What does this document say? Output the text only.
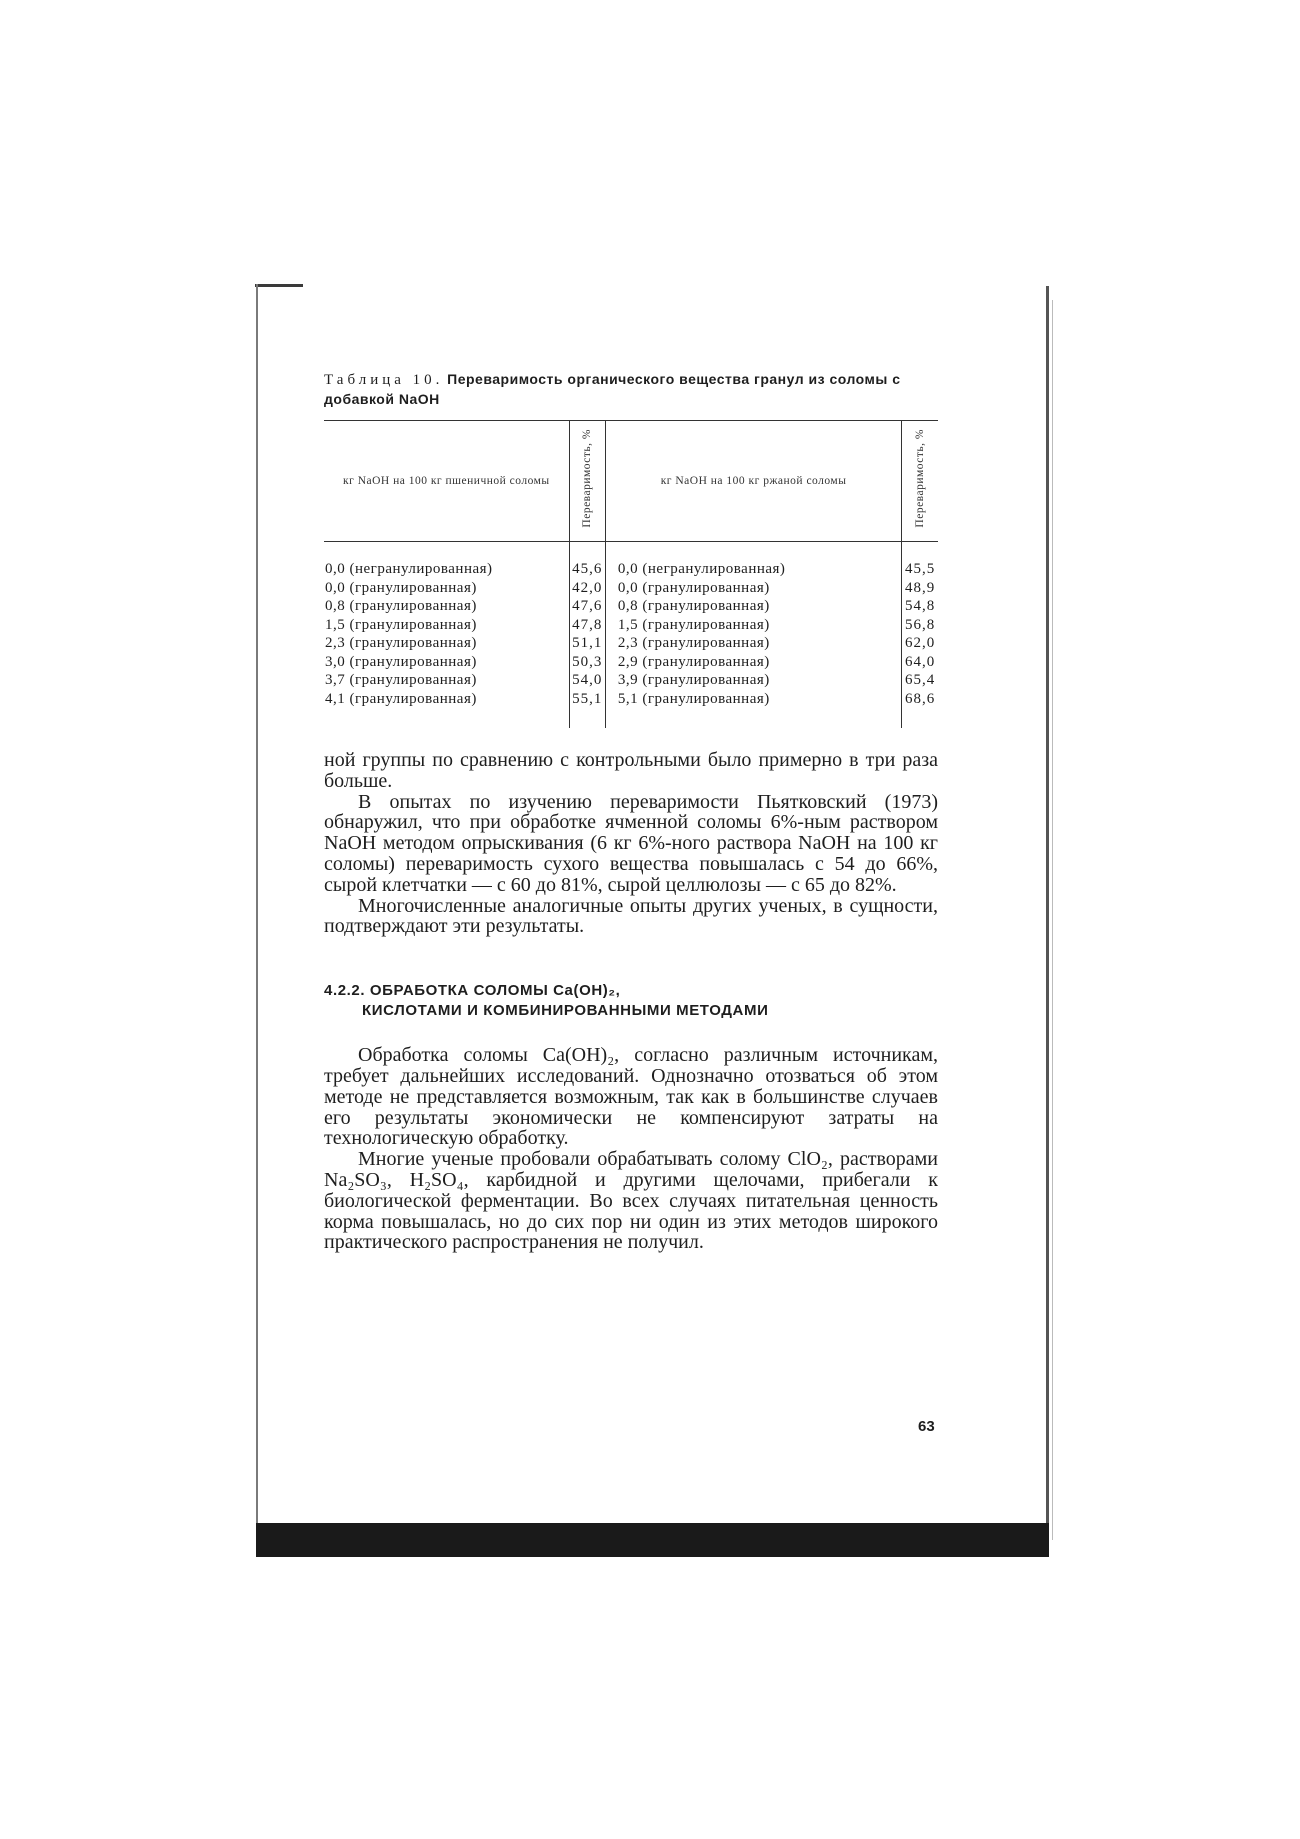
Таблица 10. Переваримость органического вещества гранул из соломы с добавкой NaOH
кг NaOH на 100 кг пшеничной соломы	Переваримость, %	кг NaOH на 100 кг ржаной соломы	Переваримость, %
0,0 (негранулированная)	45,6	0,0 (негранулированная)	45,5
0,0 (гранулированная)	42,0	0,0 (гранулированная)	48,9
0,8 (гранулированная)	47,6	0,8 (гранулированная)	54,8
1,5 (гранулированная)	47,8	1,5 (гранулированная)	56,8
2,3 (гранулированная)	51,1	2,3 (гранулированная)	62,0
3,0 (гранулированная)	50,3	2,9 (гранулированная)	64,0
3,7 (гранулированная)	54,0	3,9 (гранулированная)	65,4
4,1 (гранулированная)	55,1	5,1 (гранулированная)	68,6

ной группы по сравнению с контрольными было примерно в три раза больше.

В опытах по изучению переваримости Пьятковский (1973) обнаружил, что при обработке ячменной соломы 6%-ным раствором NaOH методом опрыскивания (6 кг 6%-ного раствора NaOH на 100 кг соломы) переваримость сухого вещества повышалась с 54 до 66%, сырой клетчатки — с 60 до 81%, сырой целлюлозы — с 65 до 82%.

Многочисленные аналогичные опыты других ученых, в сущности, подтверждают эти результаты.

4.2.2. ОБРАБОТКА СОЛОМЫ Ca(OH)₂,
КИСЛОТАМИ И КОМБИНИРОВАННЫМИ МЕТОДАМИ

Обработка соломы Ca(OH)₂, согласно различным источникам, требует дальнейших исследований. Однозначно отозваться об этом методе не представляется возможным, так как в большинстве случаев его результаты экономически не компенсируют затраты на технологическую обработку.

Многие ученые пробовали обрабатывать солому ClO₂, растворами Na₂SO₃, H₂SO₄, карбидной и другими щелочами, прибегали к биологической ферментации. Во всех случаях питательная ценность корма повышалась, но до сих пор ни один из этих методов широкого практического распространения не получил.

63
